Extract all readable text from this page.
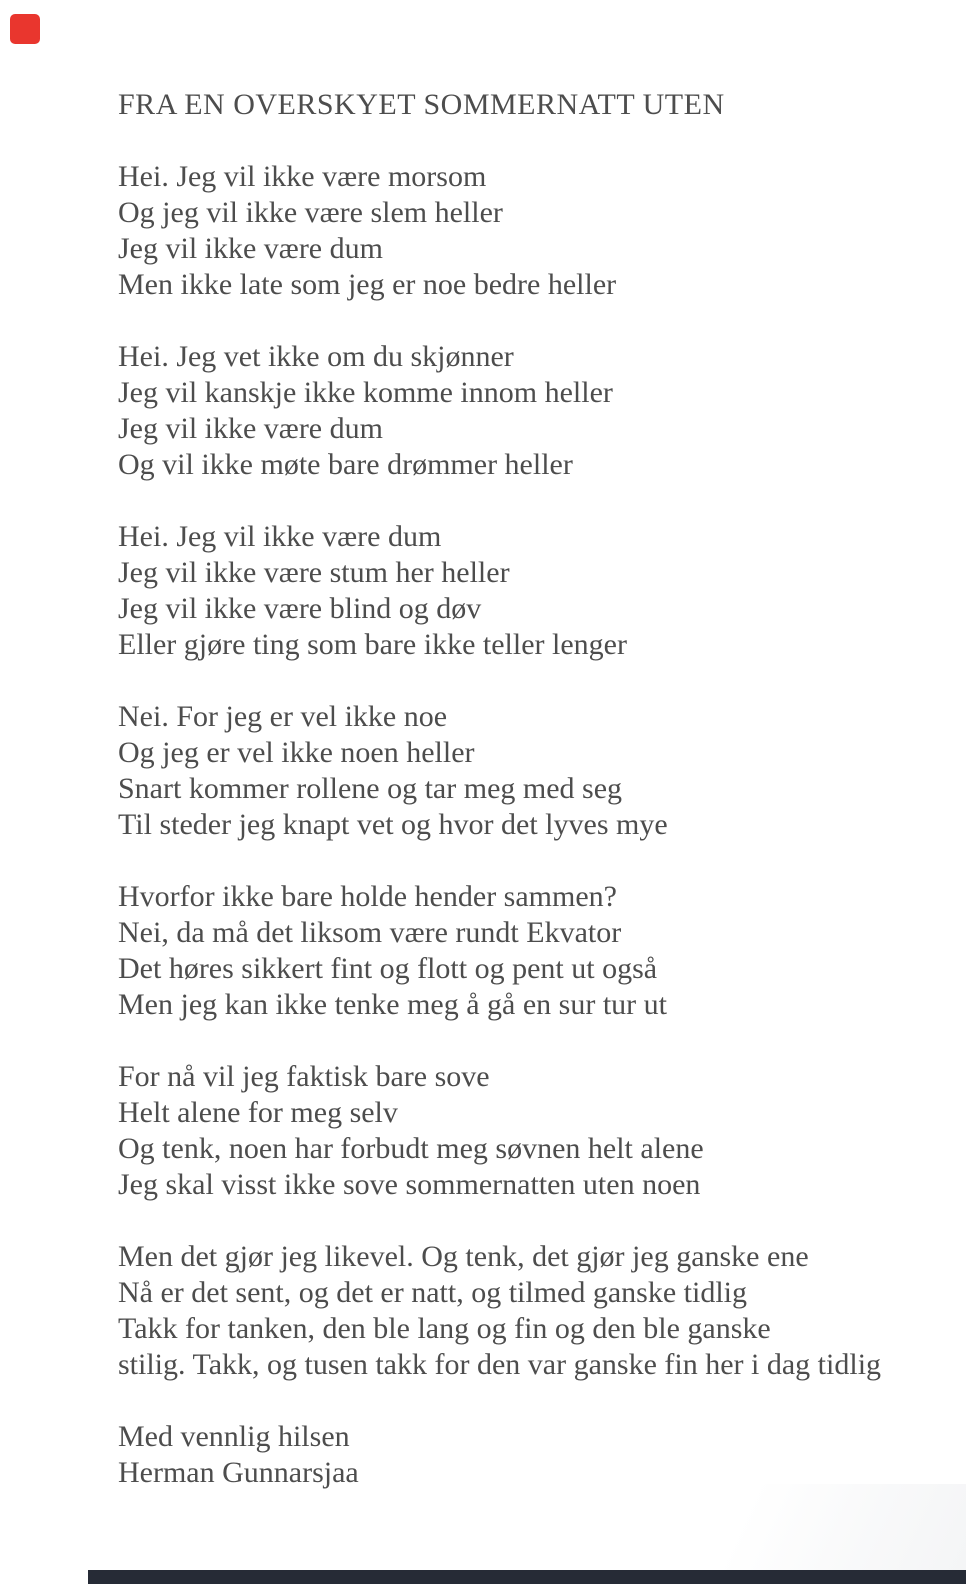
FRA EN OVERSKYET SOMMERNATT UTEN
Hei. Jeg vil ikke være morsom
Og jeg vil ikke være slem heller
Jeg vil ikke være dum
Men ikke late som jeg er noe bedre heller
Hei. Jeg vet ikke om du skjønner
Jeg vil kanskje ikke komme innom heller
Jeg vil ikke være dum
Og vil ikke møte bare drømmer heller
Hei. Jeg vil ikke være dum
Jeg vil ikke være stum her heller
Jeg vil ikke være blind og døv
Eller gjøre ting som bare ikke teller lenger
Nei. For jeg er vel ikke noe
Og jeg er vel ikke noen heller
Snart kommer rollene og tar meg med seg
Til steder jeg knapt vet og hvor det lyves mye
Hvorfor ikke bare holde hender sammen?
Nei, da må det liksom være rundt Ekvator
Det høres sikkert fint og flott og pent ut også
Men jeg kan ikke tenke meg å gå en sur tur ut
For nå vil jeg faktisk bare sove
Helt alene for meg selv
Og tenk, noen har forbudt meg søvnen helt alene
Jeg skal visst ikke sove sommernatten uten noen
Men det gjør jeg likevel. Og tenk, det gjør jeg ganske ene
Nå er det sent, og det er natt, og tilmed ganske tidlig
Takk for tanken, den ble lang og fin og den ble ganske
stilig. Takk, og tusen takk for den var ganske fin her i dag tidlig
Med vennlig hilsen
Herman Gunnarsjaa
